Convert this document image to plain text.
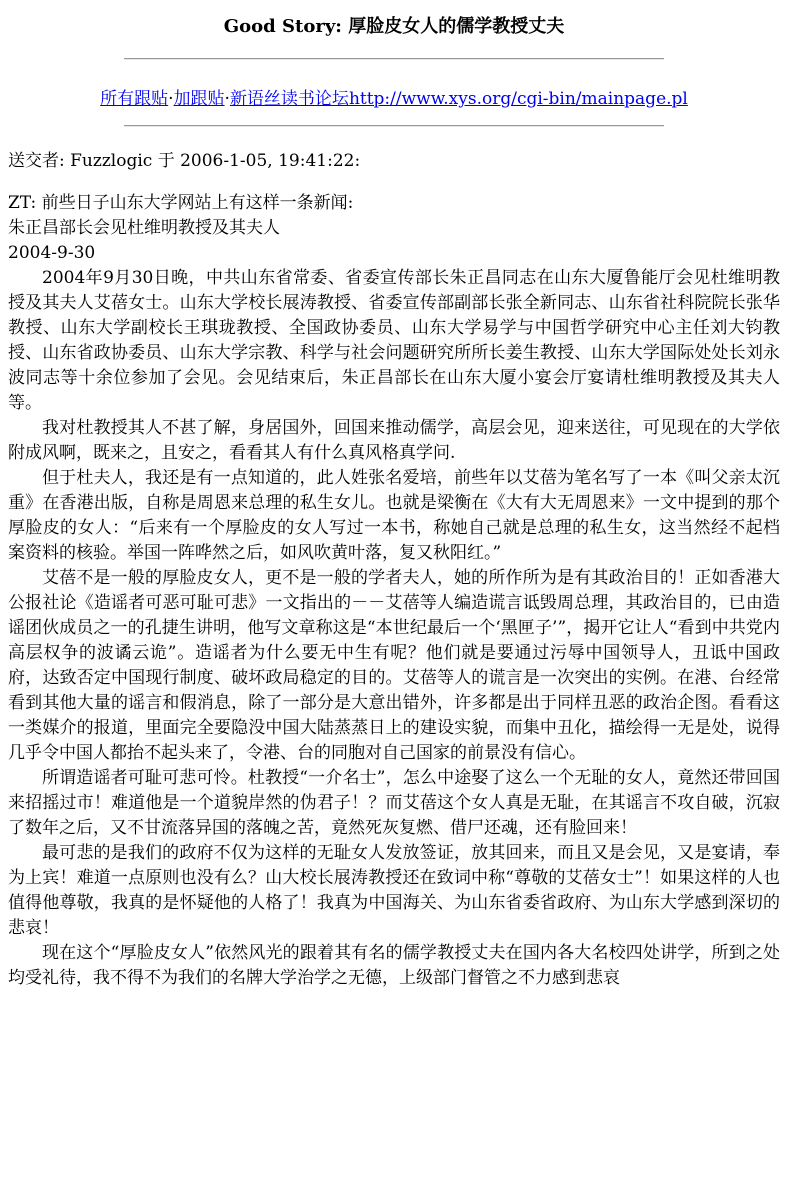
Good Story: 厚脸皮女人的儒学教授丈夫
所有跟贴·加跟贴·新语丝读书论坛http://www.xys.org/cgi-bin/mainpage.pl
送交者: Fuzzlogic 于 2006-1-05, 19:41:22:
ZT: 前些日子山东大学网站上有这样一条新闻:
朱正昌部长会见杜维明教授及其夫人
2004-9-30

2004年9月30日晚，中共山东省常委、省委宣传部长朱正昌同志在山东大厦鲁能厅会见杜维明教授及其夫人艾蓓女士。山东大学校长展涛教授、省委宣传部副部长张全新同志、山东省社科院院长张华教授、山东大学副校长王琪珑教授、全国政协委员、山东大学易学与中国哲学研究中心主任刘大钧教授、山东省政协委员、山东大学宗教、科学与社会问题研究所所长姜生教授、山东大学国际处处长刘永波同志等十余位参加了会见。会见结束后，朱正昌部长在山东大厦小宴会厅宴请杜维明教授及其夫人等。

我对杜教授其人不甚了解，身居国外，回国来推动儒学，高层会见，迎来送往，可见现在的大学依附成风啊，既来之，且安之，看看其人有什么真风格真学问.

但于杜夫人，我还是有一点知道的，此人姓张名爱培，前些年以艾蓓为笔名写了一本《叫父亲太沉重》在香港出版，自称是周恩来总理的私生女儿。也就是梁衡在《大有大无周恩来》一文中提到的那个厚脸皮的女人：“后来有一个厚脸皮的女人写过一本书，称她自己就是总理的私生女，这当然经不起档案资料的核验。举国一阵哗然之后，如风吹黄叶落，复又秋阳红。”

艾蓓不是一般的厚脸皮女人，更不是一般的学者夫人，她的所作所为是有其政治目的！正如香港大公报社论《造谣者可恶可耻可悲》一文指出的－－艾蓓等人编造谎言诋毁周总理，其政治目的，已由造谣团伙成员之一的孔捷生讲明，他写文章称这是“本世纪最后一个‘黑匣子’”，揭开它让人“看到中共党内高层权争的波谲云诡”。造谣者为什么要无中生有呢？他们就是要通过污辱中国领导人，丑诋中国政府，达致否定中国现行制度、破坏政局稳定的目的。艾蓓等人的谎言是一次突出的实例。在港、台经常看到其他大量的谣言和假消息，除了一部分是大意出错外，许多都是出于同样丑恶的政治企图。看看这一类媒介的报道，里面完全要隐没中国大陆蒸蒸日上的建设实貌，而集中丑化，描绘得一无是处，说得几乎令中国人都抬不起头来了，令港、台的同胞对自己国家的前景没有信心。

所谓造谣者可耻可悲可怜。杜教授“一介名士”，怎么中途娶了这么一个无耻的女人，竟然还带回国来招摇过市！难道他是一个道貌岸然的伪君子！？而艾蓓这个女人真是无耻，在其谣言不攻自破，沉寂了数年之后，又不甘流落异国的落魄之苦，竟然死灰复燃、借尸还魂，还有脸回来！

最可悲的是我们的政府不仅为这样的无耻女人发放签证，放其回来，而且又是会见，又是宴请，奉为上宾！难道一点原则也没有么？山大校长展涛教授还在致词中称“尊敬的艾蓓女士”！如果这样的人也值得他尊敬，我真的是怀疑他的人格了！我真为中国海关、为山东省委省政府、为山东大学感到深切的悲哀！

现在这个“厚脸皮女人”依然风光的跟着其有名的儒学教授丈夫在国内各大名校四处讲学，所到之处均受礼待，我不得不为我们的名牌大学治学之无德，上级部门督管之不力感到悲哀
